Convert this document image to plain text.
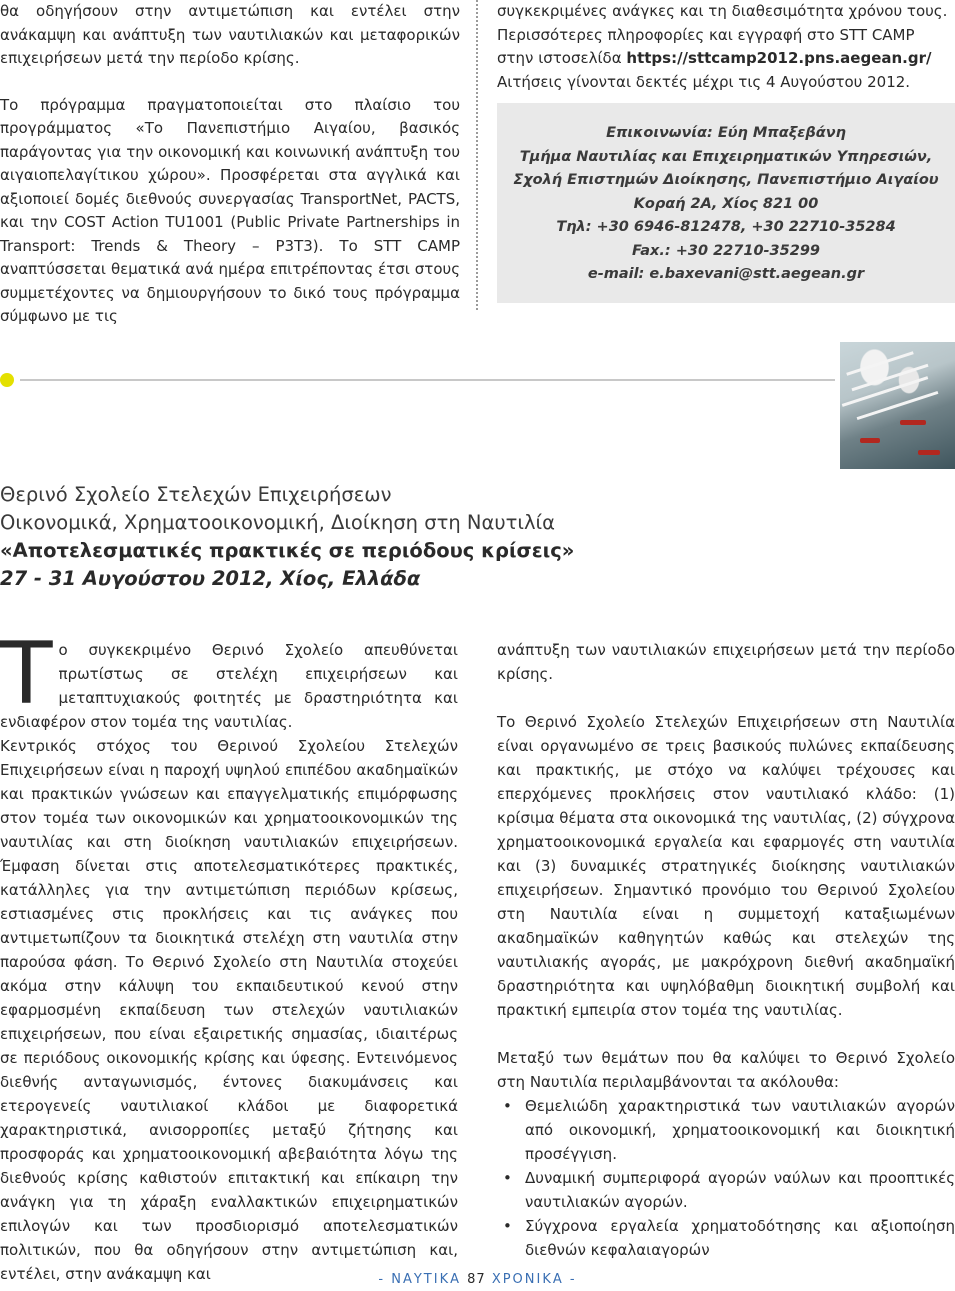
θα οδηγήσουν στην αντιμετώπιση και εντέλει στην ανάκαμψη και ανάπτυξη των ναυτιλιακών και μεταφορικών επιχειρήσεων μετά την περίοδο κρίσης.

Το πρόγραμμα πραγματοποιείται στο πλαίσιο του προγράμματος «Το Πανεπιστήμιο Αιγαίου, βασικός παράγοντας για την οικονομική και κοινωνική ανάπτυξη του αιγαιοπελαγίτικου χώρου». Προσφέρεται στα αγγλικά και αξιοποιεί δομές διεθνούς συνεργασίας TransportNet, PACTS, και την COST Action TU1001 (Public Private Partnerships in Transport: Trends & Theory – P3T3). Το STT CAMP αναπτύσσεται θεματικά ανά ημέρα επιτρέποντας έτσι στους συμμετέχοντες να δημιουργήσουν το δικό τους πρόγραμμα σύμφωνο με τις

συγκεκριμένες ανάγκες και τη διαθεσιμότητα χρόνου τους. Περισσότερες πληροφορίες και εγγραφή στο STT CAMP στην ιστοσελίδα https://sttcamp2012.pns.aegean.gr/
Αιτήσεις γίνονται δεκτές μέχρι τις 4 Αυγούστου 2012.

Επικοινωνία: Εύη Μπαξεβάνη
Τμήμα Ναυτιλίας και Επιχειρηματικών Υπηρεσιών,
Σχολή Επιστημών Διοίκησης, Πανεπιστήμιο Αιγαίου
Κοραή 2Α, Χίος 821 00
Τηλ: +30 6946-812478, +30 22710-35284
Fax.: +30 22710-35299
e-mail: e.baxevani@stt.aegean.gr
Θερινό Σχολείο Στελεχών Επιχειρήσεων
Οικονομικά, Χρηματοοικονομική, Διοίκηση στη Ναυτιλία
«Αποτελεσματικές πρακτικές σε περιόδους κρίσεις»
27 - 31 Αυγούστου 2012, Χίος, Ελλάδα

Το συγκεκριμένο Θερινό Σχολείο απευθύνεται πρωτίστως σε στελέχη επιχειρήσεων και μεταπτυχιακούς φοιτητές με δραστηριότητα και ενδιαφέρον στον τομέα της ναυτιλίας.

Κεντρικός στόχος του Θερινού Σχολείου Στελεχών Επιχειρήσεων είναι η παροχή υψηλού επιπέδου ακαδημαϊκών και πρακτικών γνώσεων και επαγγελματικής επιμόρφωσης στον τομέα των οικονομικών και χρηματοοικονομικών της ναυτιλίας και στη διοίκηση ναυτιλιακών επιχειρήσεων. Έμφαση δίνεται στις αποτελεσματικότερες πρακτικές, κατάλληλες για την αντιμετώπιση περιόδων κρίσεως, εστιασμένες στις προκλήσεις και τις ανάγκες που αντιμετωπίζουν τα διοικητικά στελέχη στη ναυτιλία στην παρούσα φάση. Το Θερινό Σχολείο στη Ναυτιλία στοχεύει ακόμα στην κάλυψη του εκπαιδευτικού κενού στην εφαρμοσμένη εκπαίδευση των στελεχών ναυτιλιακών επιχειρήσεων, που είναι εξαιρετικής σημασίας, ιδιαιτέρως σε περιόδους οικονομικής κρίσης και ύφεσης. Εντεινόμενος διεθνής ανταγωνισμός, έντονες διακυμάνσεις και ετερογενείς ναυτιλιακοί κλάδοι με διαφορετικά χαρακτηριστικά, ανισορροπίες μεταξύ ζήτησης και προσφοράς και χρηματοοικονομική αβεβαιότητα λόγω της διεθνούς κρίσης καθιστούν επιτακτική και επίκαιρη την ανάγκη για τη χάραξη εναλλακτικών επιχειρηματικών επιλογών και των προσδιορισμό αποτελεσματικών πολιτικών, που θα οδηγήσουν στην αντιμετώπιση και, εντέλει, στην ανάκαμψη και

ανάπτυξη των ναυτιλιακών επιχειρήσεων μετά την περίοδο κρίσης.

Το Θερινό Σχολείο Στελεχών Επιχειρήσεων στη Ναυτιλία είναι οργανωμένο σε τρεις βασικούς πυλώνες εκπαίδευσης και πρακτικής, με στόχο να καλύψει τρέχουσες και επερχόμενες προκλήσεις στον ναυτιλιακό κλάδο: (1) κρίσιμα θέματα στα οικονομικά της ναυτιλίας, (2) σύγχρονα χρηματοοικονομικά εργαλεία και εφαρμογές στη ναυτιλία και (3) δυναμικές στρατηγικές διοίκησης ναυτιλιακών επιχειρήσεων. Σημαντικό προνόμιο του Θερινού Σχολείου στη Ναυτιλία είναι η συμμετοχή καταξιωμένων ακαδημαϊκών καθηγητών καθώς και στελεχών της ναυτιλιακής αγοράς, με μακρόχρονη διεθνή ακαδημαϊκή δραστηριότητα και υψηλόβαθμη διοικητική συμβολή και πρακτική εμπειρία στον τομέα της ναυτιλίας.

Μεταξύ των θεμάτων που θα καλύψει το Θερινό Σχολείο στη Ναυτιλία περιλαμβάνονται τα ακόλουθα:

• Θεμελιώδη χαρακτηριστικά των ναυτιλιακών αγορών από οικονομική, χρηματοοικονομική και διοικητική προσέγγιση.
• Δυναμική συμπεριφορά αγορών ναύλων και προοπτικές ναυτιλιακών αγορών.
• Σύγχρονα εργαλεία χρηματοδότησης και αξιοποίηση διεθνών κεφαλαιαγορών
- ΝΑΥΤΙΚΑ 87 ΧΡΟΝΙΚΑ -
